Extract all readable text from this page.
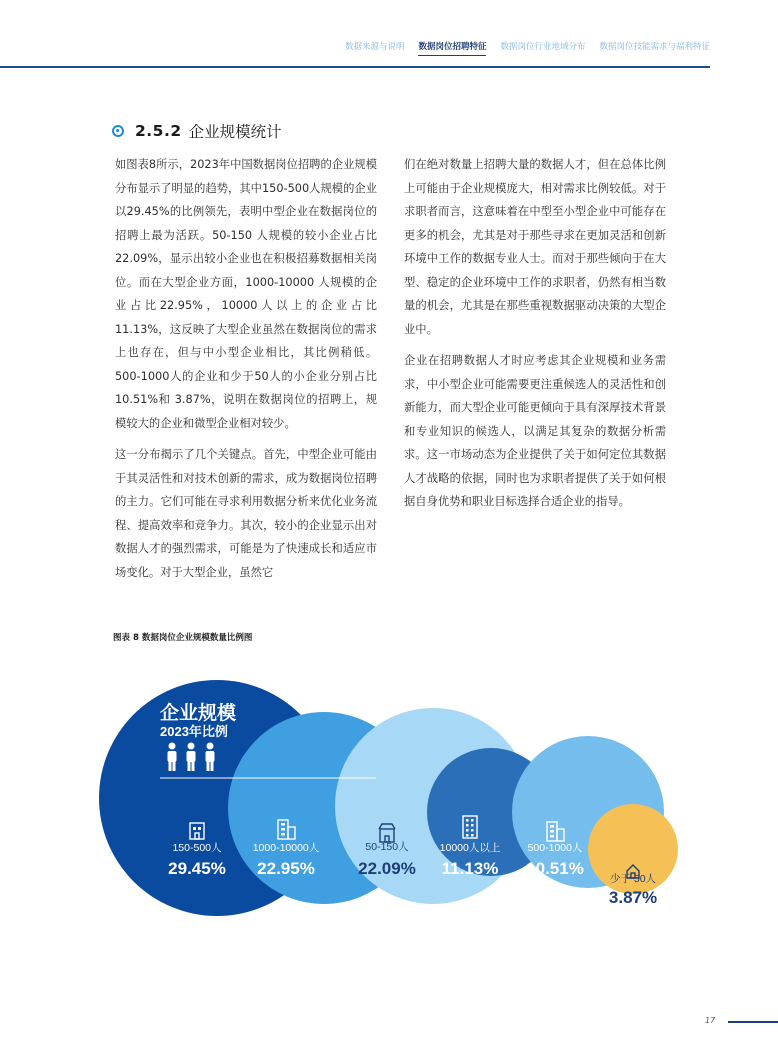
数据来源与说明 数据岗位招聘特征 数据岗位行业地域分布 数据岗位技能需求与福利特征
2.5.2 企业规模统计

如图表8所示，2023年中国数据岗位招聘的企业规模分布显示了明显的趋势，其中150-500人规模的企业以29.45%的比例领先，表明中型企业在数据岗位的招聘上最为活跃。50-150 人规模的较小企业占比22.09%，显示出较小企业也在积极招募数据相关岗位。而在大型企业方面，1000-10000 人规模的企业占比22.95%，10000人以上的企业占比11.13%，这反映了大型企业虽然在数据岗位的需求上也存在，但与中小型企业相比，其比例稍低。500-1000人的企业和少于50人的小企业分别占比10.51%和 3.87%，说明在数据岗位的招聘上，规模较大的企业和微型企业相对较少。

这一分布揭示了几个关键点。首先，中型企业可能由于其灵活性和对技术创新的需求，成为数据岗位招聘的主力。它们可能在寻求利用数据分析来优化业务流程、提高效率和竞争力。其次，较小的企业显示出对数据人才的强烈需求，可能是为了快速成长和适应市场变化。对于大型企业，虽然它

们在绝对数量上招聘大量的数据人才，但在总体比例上可能由于企业规模庞大，相对需求比例较低。对于求职者而言，这意味着在中型至小型企业中可能存在更多的机会，尤其是对于那些寻求在更加灵活和创新环境中工作的数据专业人士。而对于那些倾向于在大型、稳定的企业环境中工作的求职者，仍然有相当数量的机会，尤其是在那些重视数据驱动决策的大型企业中。

企业在招聘数据人才时应考虑其企业规模和业务需求，中小型企业可能需要更注重候选人的灵活性和创新能力，而大型企业可能更倾向于具有深厚技术背景和专业知识的候选人，以满足其复杂的数据分析需求。这一市场动态为企业提供了关于如何定位其数据人才战略的依据，同时也为求职者提供了关于如何根据自身优势和职业目标选择合适企业的指导。

图表 8 数据岗位企业规模数量比例图
150-500人
29.45%
1000-10000人
22.95%
50-150人
22.09%
10000人以上
11.13%
500-1000人
10.51%
少于 50人
3.87%
企业规模
2023年比例
17
